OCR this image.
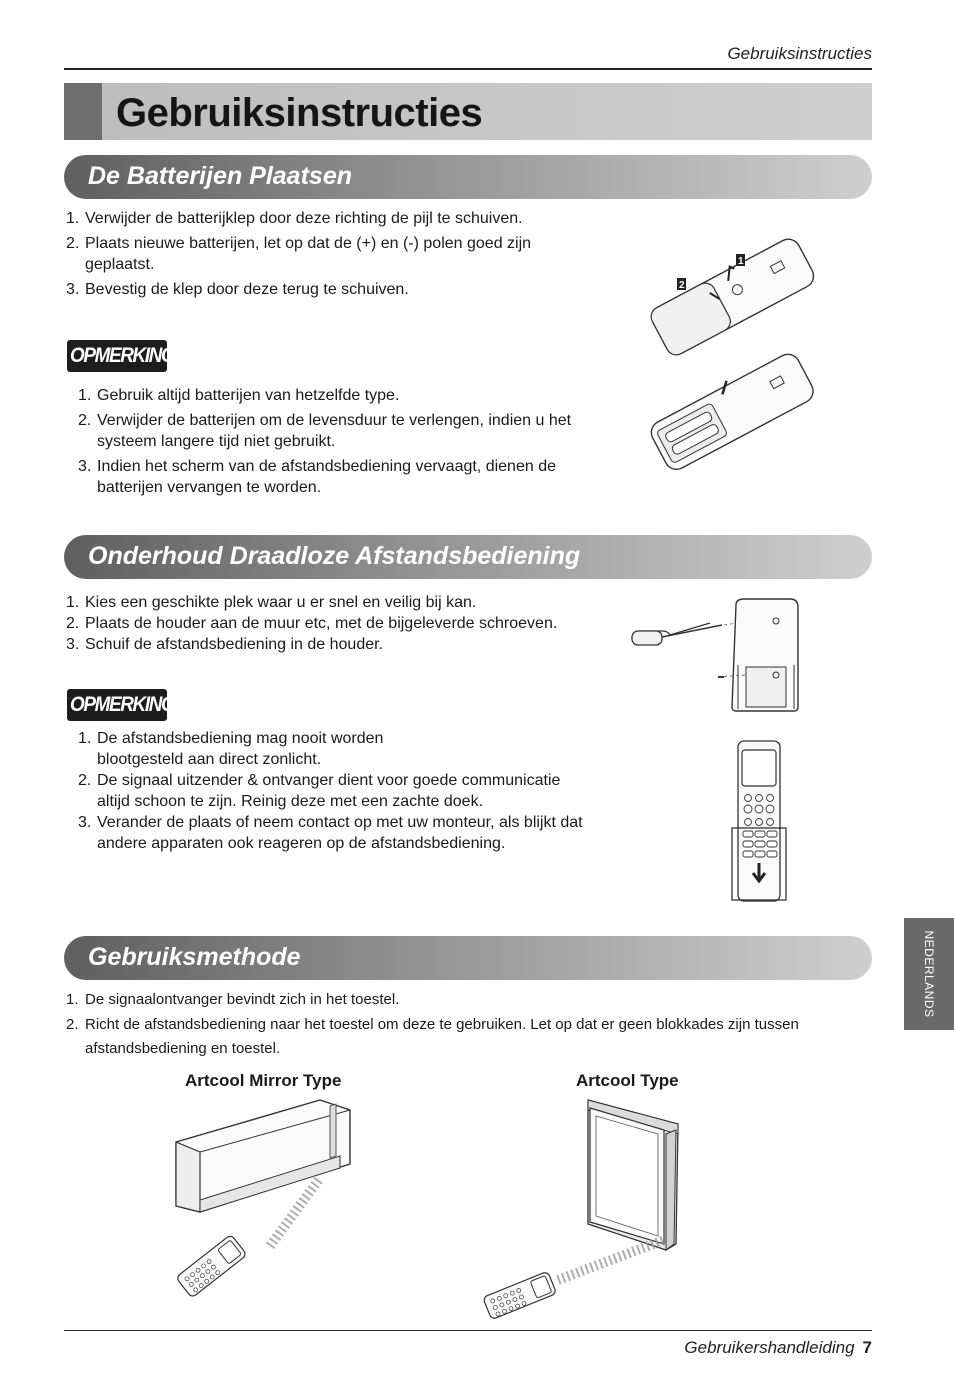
Gebruiksinstructies
Gebruiksinstructies
De Batterijen Plaatsen
1. Verwijder de batterijklep door deze richting de pijl te schuiven.
2. Plaats nieuwe batterijen, let op dat de (+) en (-) polen goed zijn geplaatst.
3. Bevestig de klep door deze terug te schuiven.
OPMERKING
1. Gebruik altijd batterijen van hetzelfde type.
2. Verwijder de batterijen om de levensduur te verlengen, indien u het systeem langere tijd niet gebruikt.
3. Indien het scherm van de afstandsbediening vervaagt, dienen de batterijen vervangen te worden.
1
2
Onderhoud Draadloze Afstandsbediening
1. Kies een geschikte plek waar u er snel en veilig bij kan.
2. Plaats de houder aan de muur etc, met de bijgeleverde schroeven.
3. Schuif de afstandsbediening in de houder.
OPMERKING
1. De afstandsbediening mag nooit worden blootgesteld aan direct zonlicht.
2. De signaal uitzender & ontvanger dient voor goede communicatie altijd schoon te zijn. Reinig deze met een zachte doek.
3. Verander de plaats of neem contact op met uw monteur, als blijkt dat andere apparaten ook reageren op de afstandsbediening.
Gebruiksmethode
1. De signaalontvanger bevindt zich in het toestel.
2. Richt de afstandsbediening naar het toestel om deze te gebruiken. Let op dat er geen blokkades zijn tussen afstandsbediening en toestel.
Artcool Mirror Type	Artcool Type
NEDERLANDS
Gebruikershandleiding 7
